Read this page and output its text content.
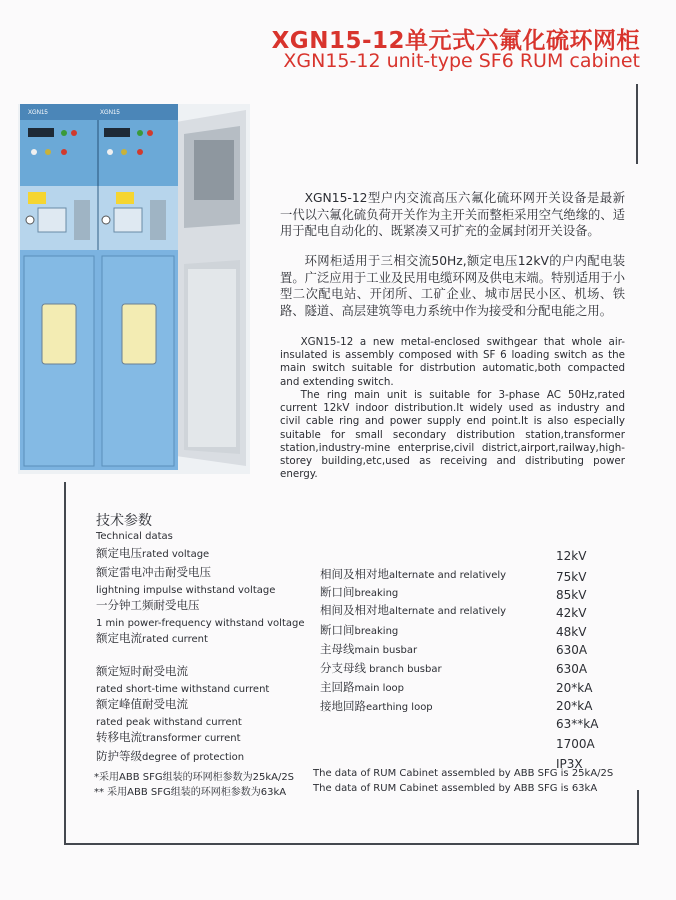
XGN15-12单元式六氟化硫环网柜
XGN15-12 unit-type SF6 RUM cabinet
XGN15	XGN15

XGN15-12型户内交流高压六氟化硫环网开关设备是最新一代以六氟化硫负荷开关作为主开关而整柜采用空气绝缘的、适用于配电自动化的、既紧凑又可扩充的金属封闭开关设备。

环网柜适用于三相交流50Hz,额定电压12kV的户内配电装置。广泛应用于工业及民用电缆环网及供电末端。特别适用于小型二次配电站、开闭所、工矿企业、城市居民小区、机场、铁路、隧道、高层建筑等电力系统中作为接受和分配电能之用。

XGN15-12 a new metal-enclosed swithgear that whole air-insulated is assembly composed with SF 6 loading switch as the main switch suitable for distrbution automatic,both compacted and extending switch.

The ring main unit is suitable for 3-phase AC 50Hz,rated current 12kV indoor distribution.It widely used as industry and civil cable ring and power supply end point.It is also especially suitable for small secondary distribution station,transformer station,industry-mine enterprise,civil district,airport,railway,high-storey building,etc,used as receiving and distributing power energy.

技术参数
Technical datas
额定电压rated voltage
额定雷电冲击耐受电压
lightning impulse withstand voltage
一分钟工频耐受电压
1 min power-frequency withstand voltage
额定电流rated current
额定短时耐受电流
rated short-time withstand current
额定峰值耐受电流
rated peak withstand current
转移电流transformer current
防护等级degree of protection
相间及相对地alternate and relatively
断口间breaking
相间及相对地alternate and relatively
断口间breaking
主母线main busbar
分支母线 branch busbar
主回路main loop
接地回路earthing loop
12kV
75kV
85kV
42kV
48kV
630A
630A
20*kA
20*kA
63**kA
1700A
IP3X
*采用ABB SFG组装的环网柜参数为25kA/2S The data of RUM Cabinet assembled by ABB SFG is 25kA/2S
** 采用ABB SFG组装的环网柜参数为63kA	The data of RUM Cabinet assembled by ABB SFG is 63kA
